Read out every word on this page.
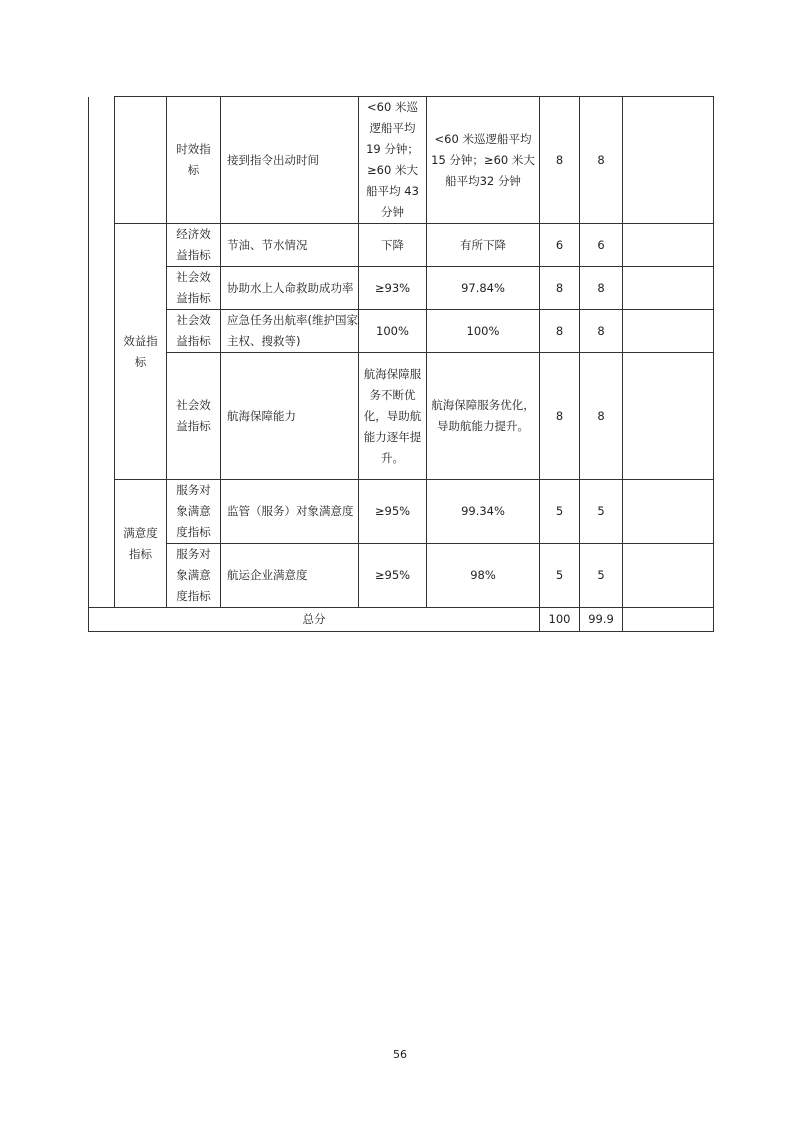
		时效指标	接到指令出动时间	<60 米巡逻船平均19 分钟；≥60 米大船平均 43 分钟	<60 米巡逻船平均15 分钟；≥60 米大船平均32 分钟	8	8	
	效益指标	经济效益指标	节油、节水情况	下降	有所下降	6	6	
		社会效益指标	协助水上人命救助成功率	≥93%	97.84%	8	8	
		社会效益指标	应急任务出航率(维护国家主权、搜救等)	100%	100%	8	8	
		社会效益指标	航海保障能力	航海保障服务不断优化，导助航能力逐年提升。	航海保障服务优化，导助航能力提升。	8	8	
	满意度指标	服务对象满意度指标	监管（服务）对象满意度	≥95%	99.34%	5	5	
		服务对象满意度指标	航运企业满意度	≥95%	98%	5	5	
总分						100	99.9	
56
